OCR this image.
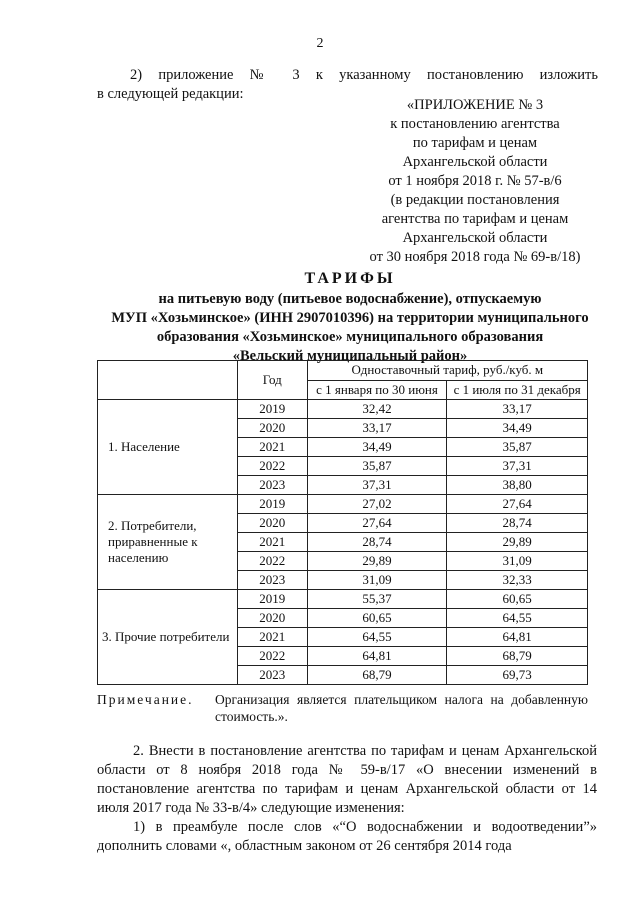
2
2) приложение № 3 к указанному постановлению изложить
в следующей редакции:
«ПРИЛОЖЕНИЕ № 3
к постановлению агентства
по тарифам и ценам
Архангельской области
от 1 ноября 2018 г. № 57-в/6
(в редакции постановления
агентства по тарифам и ценам
Архангельской области
от 30 ноября 2018 года № 69-в/18)
ТАРИФЫ
на питьевую воду (питьевое водоснабжение), отпускаемую
МУП «Хозьминское» (ИНН 2907010396) на территории муниципального
образования «Хозьминское» муниципального образования
«Вельский муниципальный район»
	Год	Одноставочный тариф, руб./куб. м	
		с 1 января по 30 июня	с 1 июля по 31 декабря
1. Население	2019	32,42	33,17
	2020	33,17	34,49
	2021	34,49	35,87
	2022	35,87	37,31
	2023	37,31	38,80
2. Потребители, приравненные к населению	2019	27,02	27,64
	2020	27,64	28,74
	2021	28,74	29,89
	2022	29,89	31,09
	2023	31,09	32,33
3. Прочие потребители	2019	55,37	60,65
	2020	60,65	64,55
	2021	64,55	64,81
	2022	64,81	68,79
	2023	68,79	69,73
Примечание. Организация является плательщиком налога на добавленную стоимость.».

2. Внести в постановление агентства по тарифам и ценам Архангельской области от 8 ноября 2018 года № 59-в/17 «О внесении изменений в постановление агентства по тарифам и ценам Архангельской области от 14 июля 2017 года № 33-в/4» следующие изменения:

1) в преамбуле после слов «“О водоснабжении и водоотведении”» дополнить словами «, областным законом от 26 сентября 2014 года
